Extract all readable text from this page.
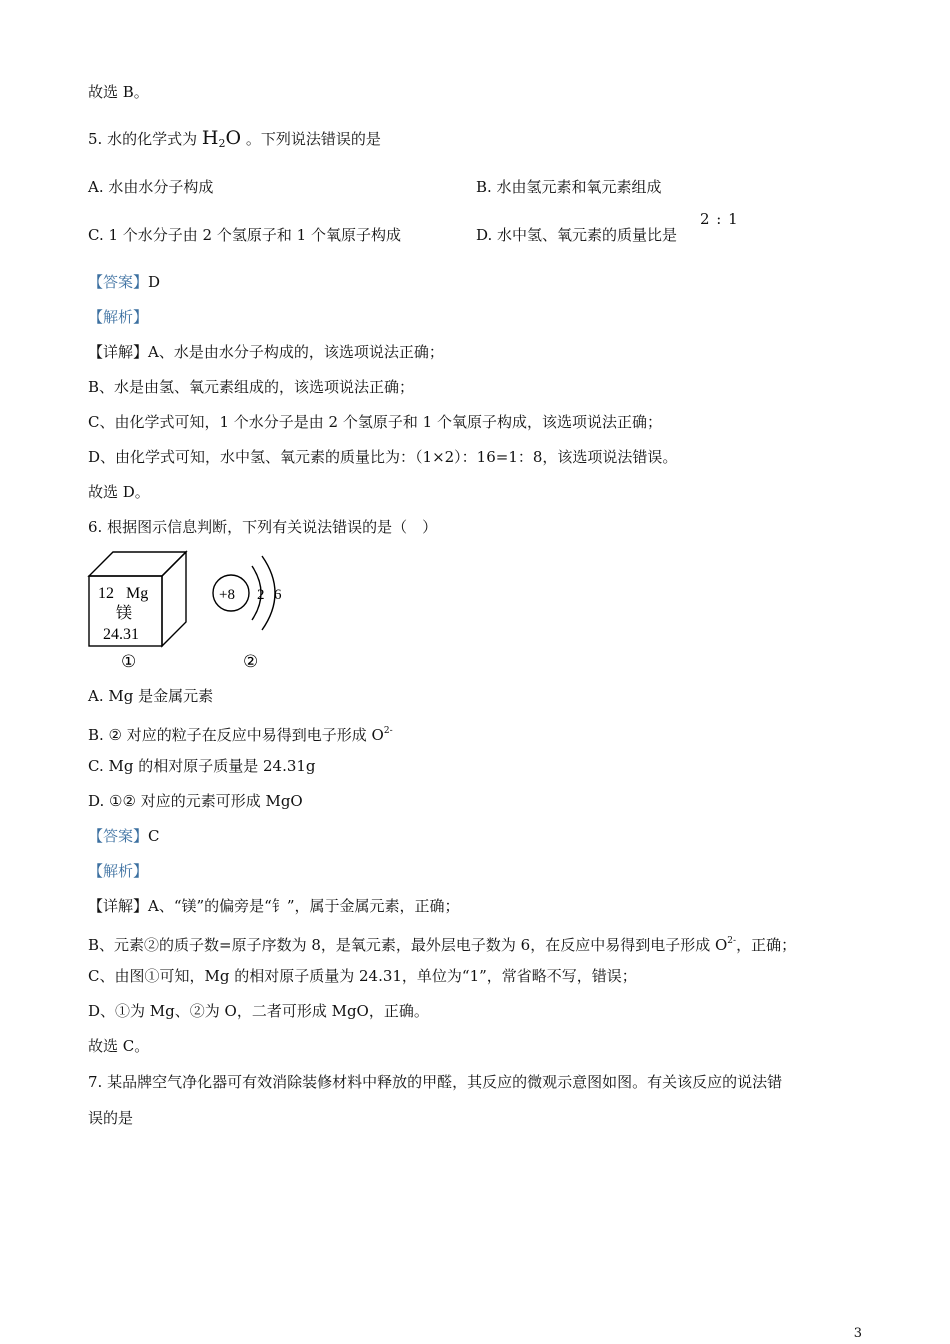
故选 B。
5. 水的化学式为 $H_2O$ 。下列说法错误的是
A. 水由水分子构成	B. 水由氢元素和氧元素组成
C. 1 个水分子由 2 个氢原子和 1 个氧原子构成	D. 水中氢、氧元素的质量比是
2 : 1
【答案】D
【解析】
【详解】A、水是由水分子构成的，该选项说法正确；
B、水是由氢、氧元素组成的，该选项说法正确；
C、由化学式可知，1 个水分子是由 2 个氢原子和 1 个氧原子构成，该选项说法正确；
D、由化学式可知，水中氢、氧元素的质量比为：（1×2）：16=1：8，该选项说法错误。
故选 D。
6. 根据图示信息判断，下列有关说法错误的是（　）
12 Mg
镁
24.31
+8 2 6
①	②
A. Mg 是金属元素
B. ② 对应的粒子在反应中易得到电子形成 $O^{2-}$
C. Mg 的相对原子质量是 24.31g
D. ①② 对应的元素可形成 MgO
【答案】C
【解析】
【详解】A、“镁”的偏旁是“钅”，属于金属元素，正确；
B、元素②的质子数=原子序数为 8，是氧元素，最外层电子数为 6，在反应中易得到电子形成 $O^{2-}$，正确；
C、由图①可知，Mg 的相对原子质量为 24.31，单位为“1”，常省略不写，错误；
D、①为 Mg、②为 O，二者可形成 MgO，正确。
故选 C。
7. 某品牌空气净化器可有效消除装修材料中释放的甲醛，其反应的微观示意图如图。有关该反应的说法错
误的是
3
